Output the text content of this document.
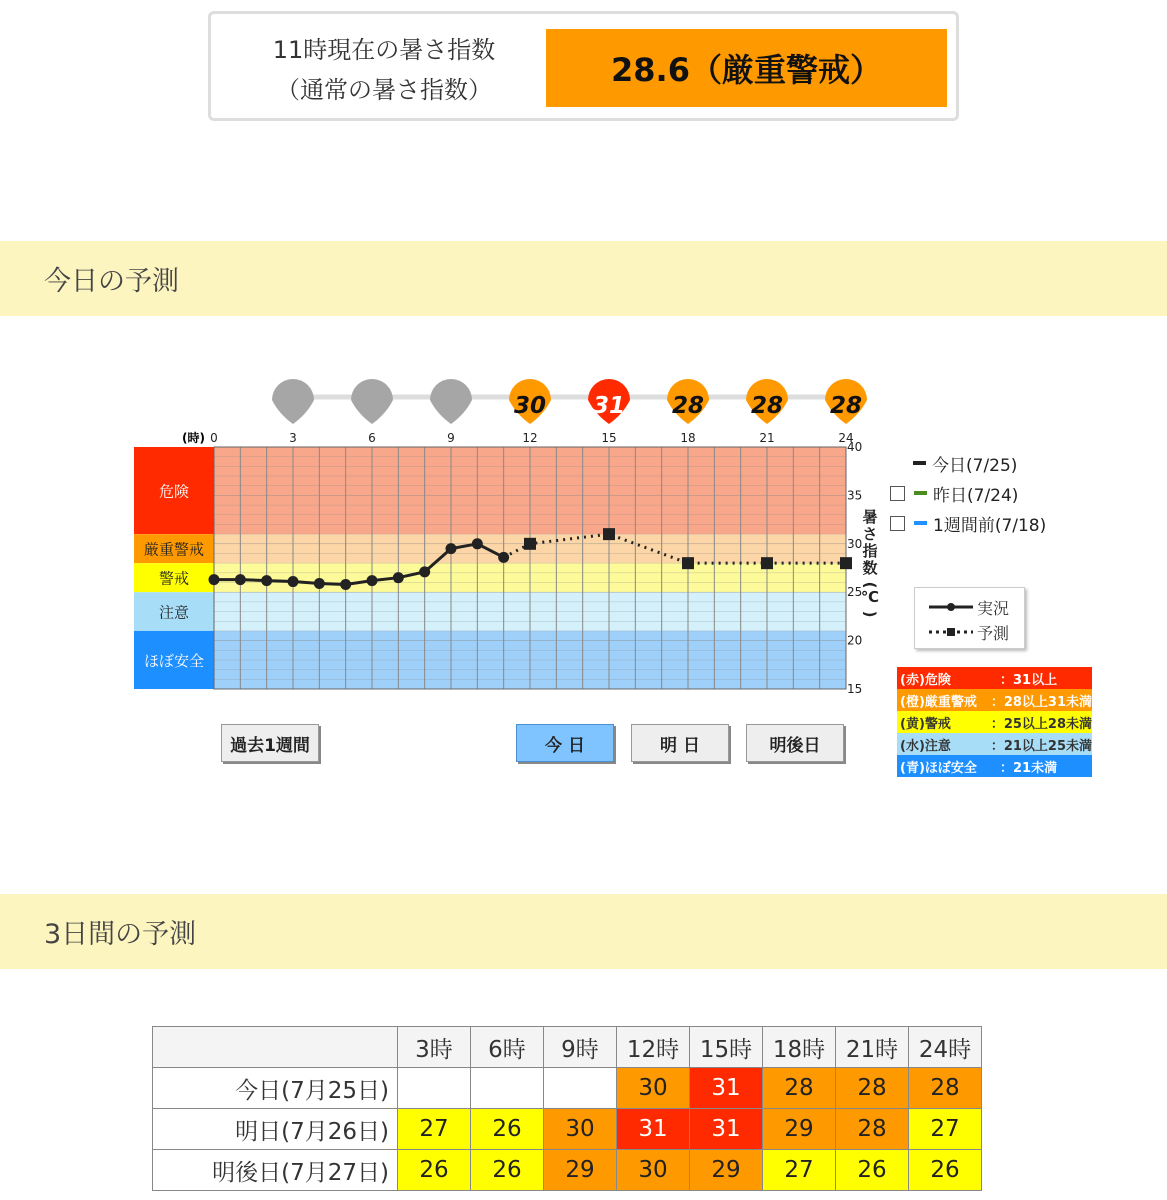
11時現在の暑さ指数
（通常の暑さ指数）
28.6（厳重警戒）
今日の予測
危険
厳重警戒
警戒
注意
ほぼ安全
(時) 0	3	6	9	12	15	18	21	24
40
35
30
25
20
15
暑
さ
指
数
(
℃
)
30 31 28 28 28
過去1週間	今 日	明 日	明後日
今日(7/25)
昨日(7/24)
1週間前(7/18)
実況
予測
(赤)危険	：31以上
(橙)厳重警戒	：28以上31未満
(黄)警戒	：25以上28未満
(水)注意	：21以上25未満
(青)ほぼ安全	：21未満
3日間の予測
	3時	6時	9時	12時	15時	18時	21時	24時
今日(7月25日)				30	31	28	28	28
明日(7月26日)	27	26	30	31	31	29	28	27
明後日(7月27日)	26	26	29	30	29	27	26	26
